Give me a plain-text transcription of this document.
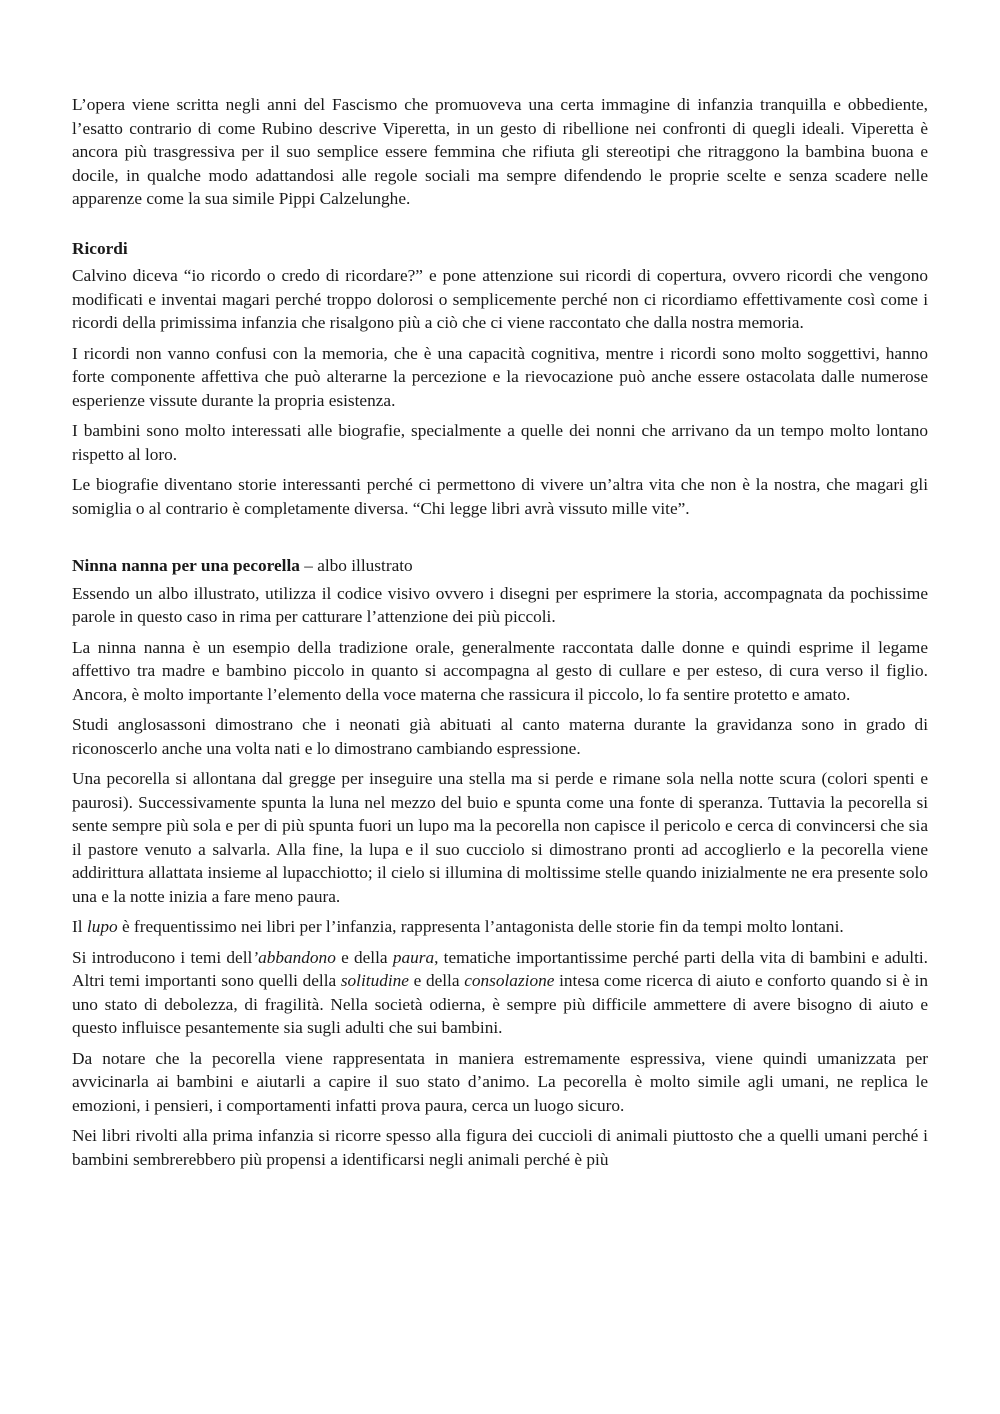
L’opera viene scritta negli anni del Fascismo che promuoveva una certa immagine di infanzia tranquilla e obbediente, l’esatto contrario di come Rubino descrive Viperetta, in un gesto di ribellione nei confronti di quegli ideali. Viperetta è ancora più trasgressiva per il suo semplice essere femmina che rifiuta gli stereotipi che ritraggono la bambina buona e docile, in qualche modo adattandosi alle regole sociali ma sempre difendendo le proprie scelte e senza scadere nelle apparenze come la sua simile Pippi Calzelunghe.

Ricordi

Calvino diceva “io ricordo o credo di ricordare?” e pone attenzione sui ricordi di copertura, ovvero ricordi che vengono modificati e inventai magari perché troppo dolorosi o semplicemente perché non ci ricordiamo effettivamente così come i ricordi della primissima infanzia che risalgono più a ciò che ci viene raccontato che dalla nostra memoria.

I ricordi non vanno confusi con la memoria, che è una capacità cognitiva, mentre i ricordi sono molto soggettivi, hanno forte componente affettiva che può alterarne la percezione e la rievocazione può anche essere ostacolata dalle numerose esperienze vissute durante la propria esistenza.

I bambini sono molto interessati alle biografie, specialmente a quelle dei nonni che arrivano da un tempo molto lontano rispetto al loro.

Le biografie diventano storie interessanti perché ci permettono di vivere un’altra vita che non è la nostra, che magari gli somiglia o al contrario è completamente diversa. “Chi legge libri avrà vissuto mille vite”.

Ninna nanna per una pecorella – albo illustrato

Essendo un albo illustrato, utilizza il codice visivo ovvero i disegni per esprimere la storia, accompagnata da pochissime parole in questo caso in rima per catturare l’attenzione dei più piccoli.

La ninna nanna è un esempio della tradizione orale, generalmente raccontata dalle donne e quindi esprime il legame affettivo tra madre e bambino piccolo in quanto si accompagna al gesto di cullare e per esteso, di cura verso il figlio. Ancora, è molto importante l’elemento della voce materna che rassicura il piccolo, lo fa sentire protetto e amato.

Studi anglosassoni dimostrano che i neonati già abituati al canto materna durante la gravidanza sono in grado di riconoscerlo anche una volta nati e lo dimostrano cambiando espressione.

Una pecorella si allontana dal gregge per inseguire una stella ma si perde e rimane sola nella notte scura (colori spenti e paurosi). Successivamente spunta la luna nel mezzo del buio e spunta come una fonte di speranza. Tuttavia la pecorella si sente sempre più sola e per di più spunta fuori un lupo ma la pecorella non capisce il pericolo e cerca di convincersi che sia il pastore venuto a salvarla. Alla fine, la lupa e il suo cucciolo si dimostrano pronti ad accoglierlo e la pecorella viene addirittura allattata insieme al lupacchiotto; il cielo si illumina di moltissime stelle quando inizialmente ne era presente solo una e la notte inizia a fare meno paura.

Il lupo è frequentissimo nei libri per l’infanzia, rappresenta l’antagonista delle storie fin da tempi molto lontani.

Si introducono i temi dell’abbandono e della paura, tematiche importantissime perché parti della vita di bambini e adulti. Altri temi importanti sono quelli della solitudine e della consolazione intesa come ricerca di aiuto e conforto quando si è in uno stato di debolezza, di fragilità. Nella società odierna, è sempre più difficile ammettere di avere bisogno di aiuto e questo influisce pesantemente sia sugli adulti che sui bambini.

Da notare che la pecorella viene rappresentata in maniera estremamente espressiva, viene quindi umanizzata per avvicinarla ai bambini e aiutarli a capire il suo stato d’animo. La pecorella è molto simile agli umani, ne replica le emozioni, i pensieri, i comportamenti infatti prova paura, cerca un luogo sicuro.

Nei libri rivolti alla prima infanzia si ricorre spesso alla figura dei cuccioli di animali piuttosto che a quelli umani perché i bambini sembrerebbero più propensi a identificarsi negli animali perché è più
